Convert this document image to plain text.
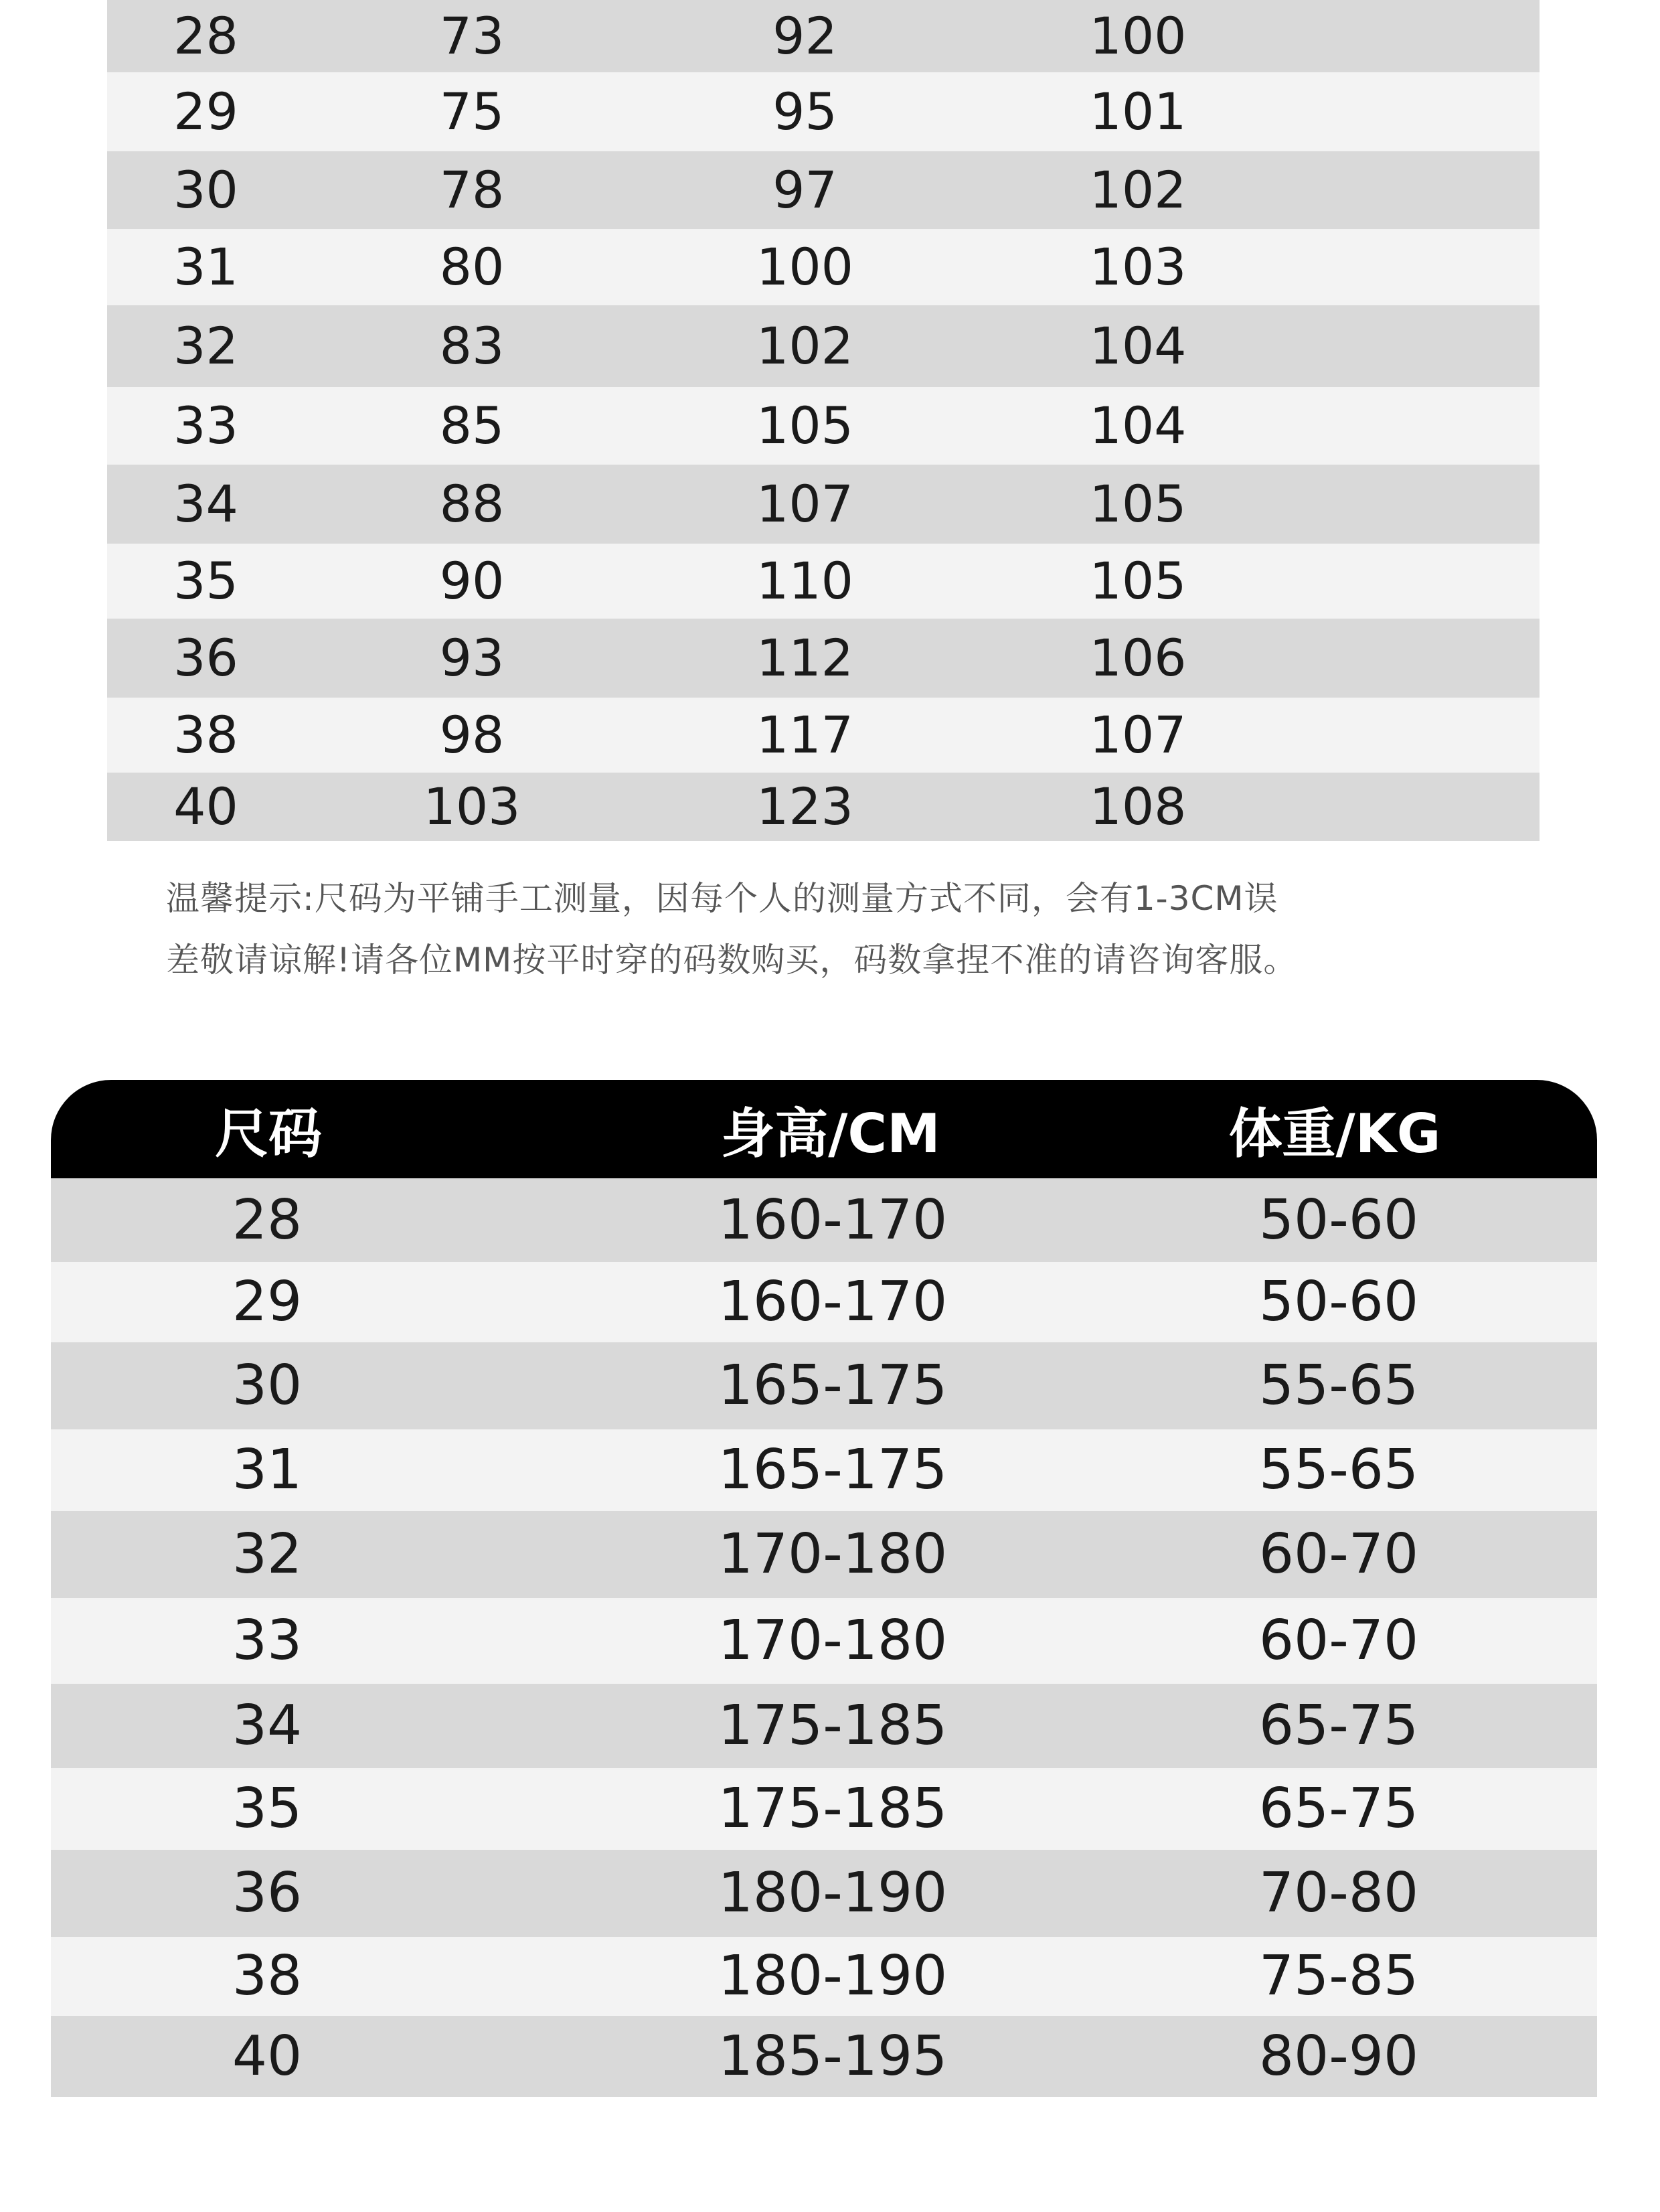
28	73	92	100
29	75	95	101
30	78	97	102
31	80	100	103
32	83	102	104
33	85	105	104
34	88	107	105
35	90	110	105
36	93	112	106
38	98	117	107
40	103	123	108

温馨提示:尺码为平铺手工测量，因每个人的测量方式不同，会有1-3CM误

差敬请谅解!请各位MM按平时穿的码数购买，码数拿捏不准的请咨询客服。

尺码	身高/CM	体重/KG
28	160-170	50-60
29	160-170	50-60
30	165-175	55-65
31	165-175	55-65
32	170-180	60-70
33	170-180	60-70
34	175-185	65-75
35	175-185	65-75
36	180-190	70-80
38	180-190	75-85
40	185-195	80-90
